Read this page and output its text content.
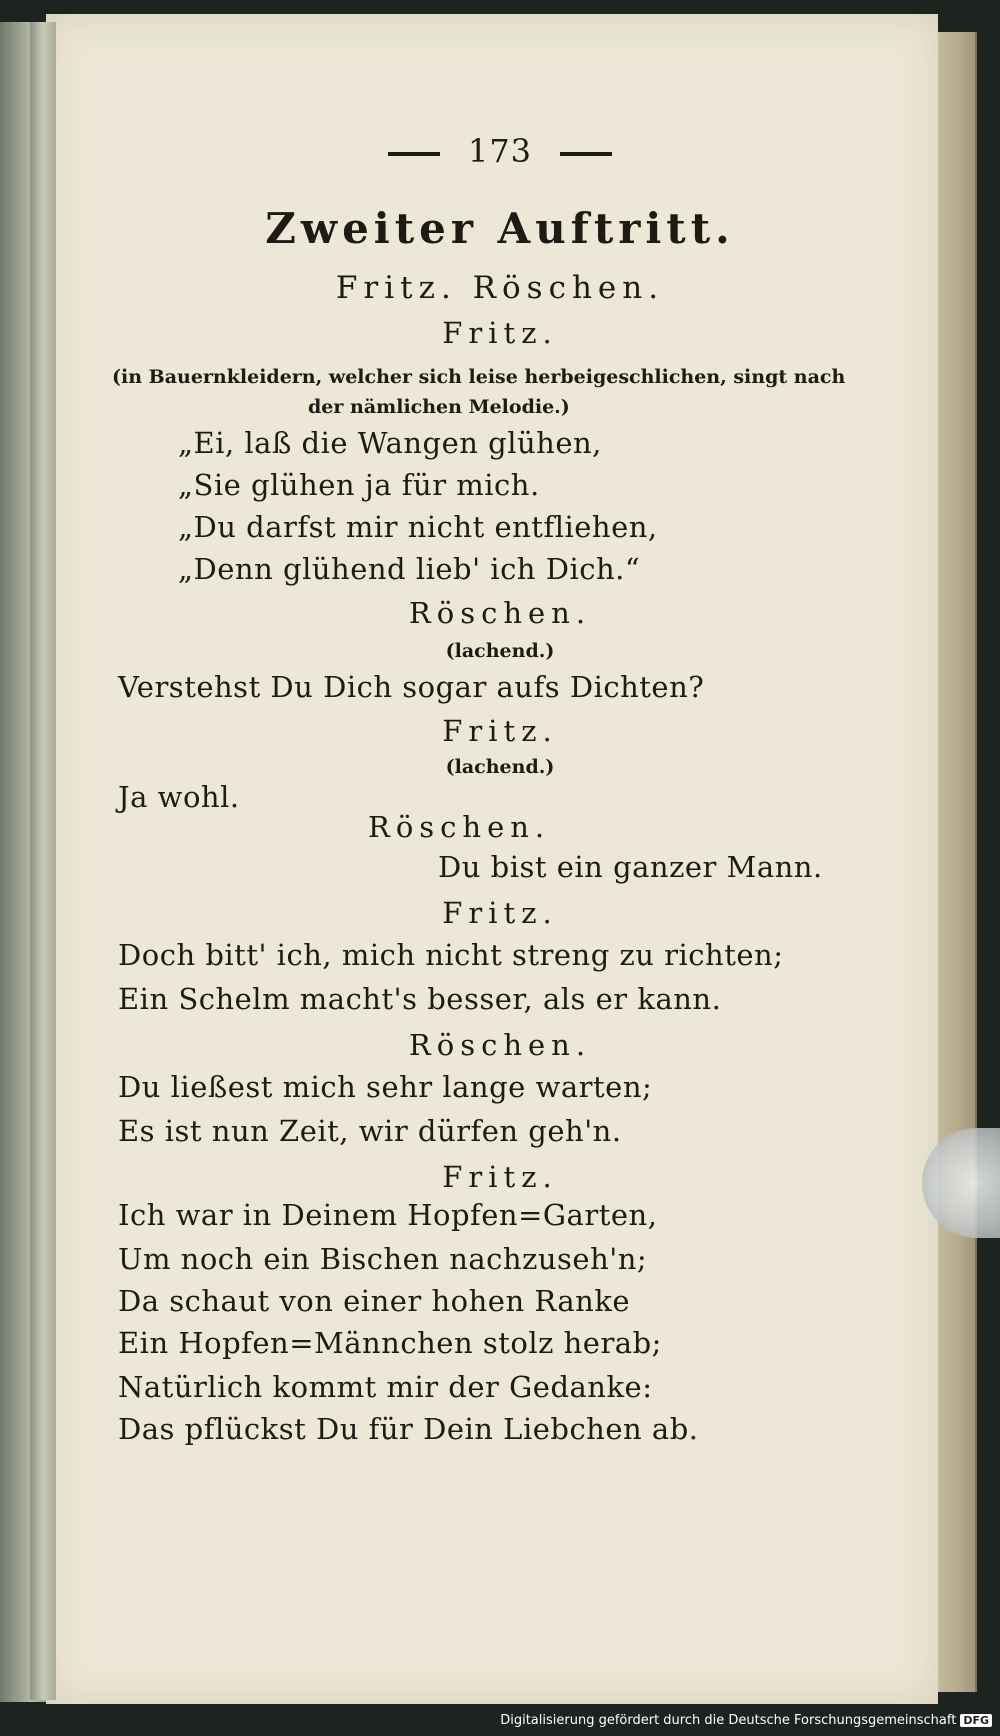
173
Zweiter Auftritt.
Fritz. Röschen.
Fritz.
(in Bauernkleidern, welcher sich leise herbeigeschlichen, singt nach
der nämlichen Melodie.)
„Ei, laß die Wangen glühen,
„Sie glühen ja für mich.
„Du darfst mir nicht entfliehen,
„Denn glühend lieb' ich Dich.“
Röschen.
(lachend.)
Verstehst Du Dich sogar aufs Dichten?
Fritz.
(lachend.)
Ja wohl.
Röschen.
Du bist ein ganzer Mann.
Fritz.
Doch bitt' ich, mich nicht streng zu richten;
Ein Schelm macht's besser, als er kann.
Röschen.
Du ließest mich sehr lange warten;
Es ist nun Zeit, wir dürfen geh'n.
Fritz.
Ich war in Deinem Hopfen=Garten,
Um noch ein Bischen nachzuseh'n;
Da schaut von einer hohen Ranke
Ein Hopfen=Männchen stolz herab;
Natürlich kommt mir der Gedanke:
Das pflückst Du für Dein Liebchen ab.
Digitalisierung gefördert durch die Deutsche Forschungsgemeinschaft DFG
